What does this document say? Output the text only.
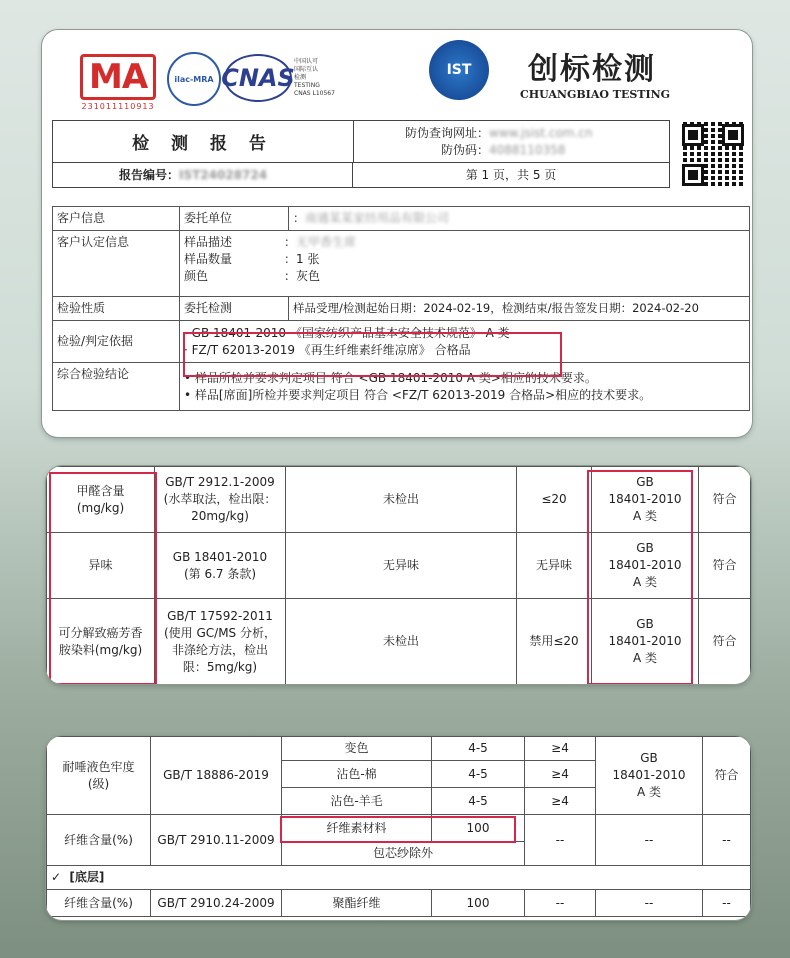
MA
231011110913
ilac-MRA CNAS
中国认可
国际互认
检测
TESTING
CNAS L10567
IST 创标检测
CHUANGBIAO TESTING
检 测 报 告
防伪查询网址：www.jsist.com.cn
防伪码：4088110358
报告编号： IST24028724	第 1 页，共 5 页
客户信息	委托单位	：南通某某家纺用品有限公司
客户认定信息	样品描述 ：无甲香生席
样品数量 ：1 张
颜色 ：灰色	

检验性质	委托检测	样品受理/检测起始日期：2024-02-19，检测结束/报告签发日期：2024-02-20
检验/判定依据	· GB 18401-2010 《国家纺织产品基本安全技术规范》 A 类
· FZ/T 62013-2019 《再生纤维素纤维凉席》 合格品	

综合检验结论	• 样品所检并要求判定项目 符合 <GB 18401-2010 A 类>相应的技术要求。
• 样品[席面]所检并要求判定项目 符合 <FZ/T 62013-2019 合格品>相应的技术要求。	
甲醛含量
(mg/kg)	GB/T 2912.1-2009
(水萃取法，检出限：
20mg/kg)	未检出	≤20	GB
18401-2010
A 类	符合
异味	GB 18401-2010
(第 6.7 条款)	无异味	无异味	GB
18401-2010
A 类	符合
可分解致癌芳香
胺染料(mg/kg)	GB/T 17592-2011
(使用 GC/MS 分析，
非涤纶方法，检出
限：5mg/kg)	未检出	禁用≤20	GB
18401-2010
A 类	符合
耐唾液色牢度
(级)	GB/T 18886-2019	变色	4-5	≥4	GB
18401-2010
A 类	符合
		沾色-棉	4-5	≥4		
		沾色-羊毛	4-5	≥4		
纤维含量(%)	GB/T 2910.11-2009	纤维素材料	100	--	--	--
		包芯纱除外				
✓ [底层]						
纤维含量(%)	GB/T 2910.24-2009	聚酯纤维	100	--	--	--
